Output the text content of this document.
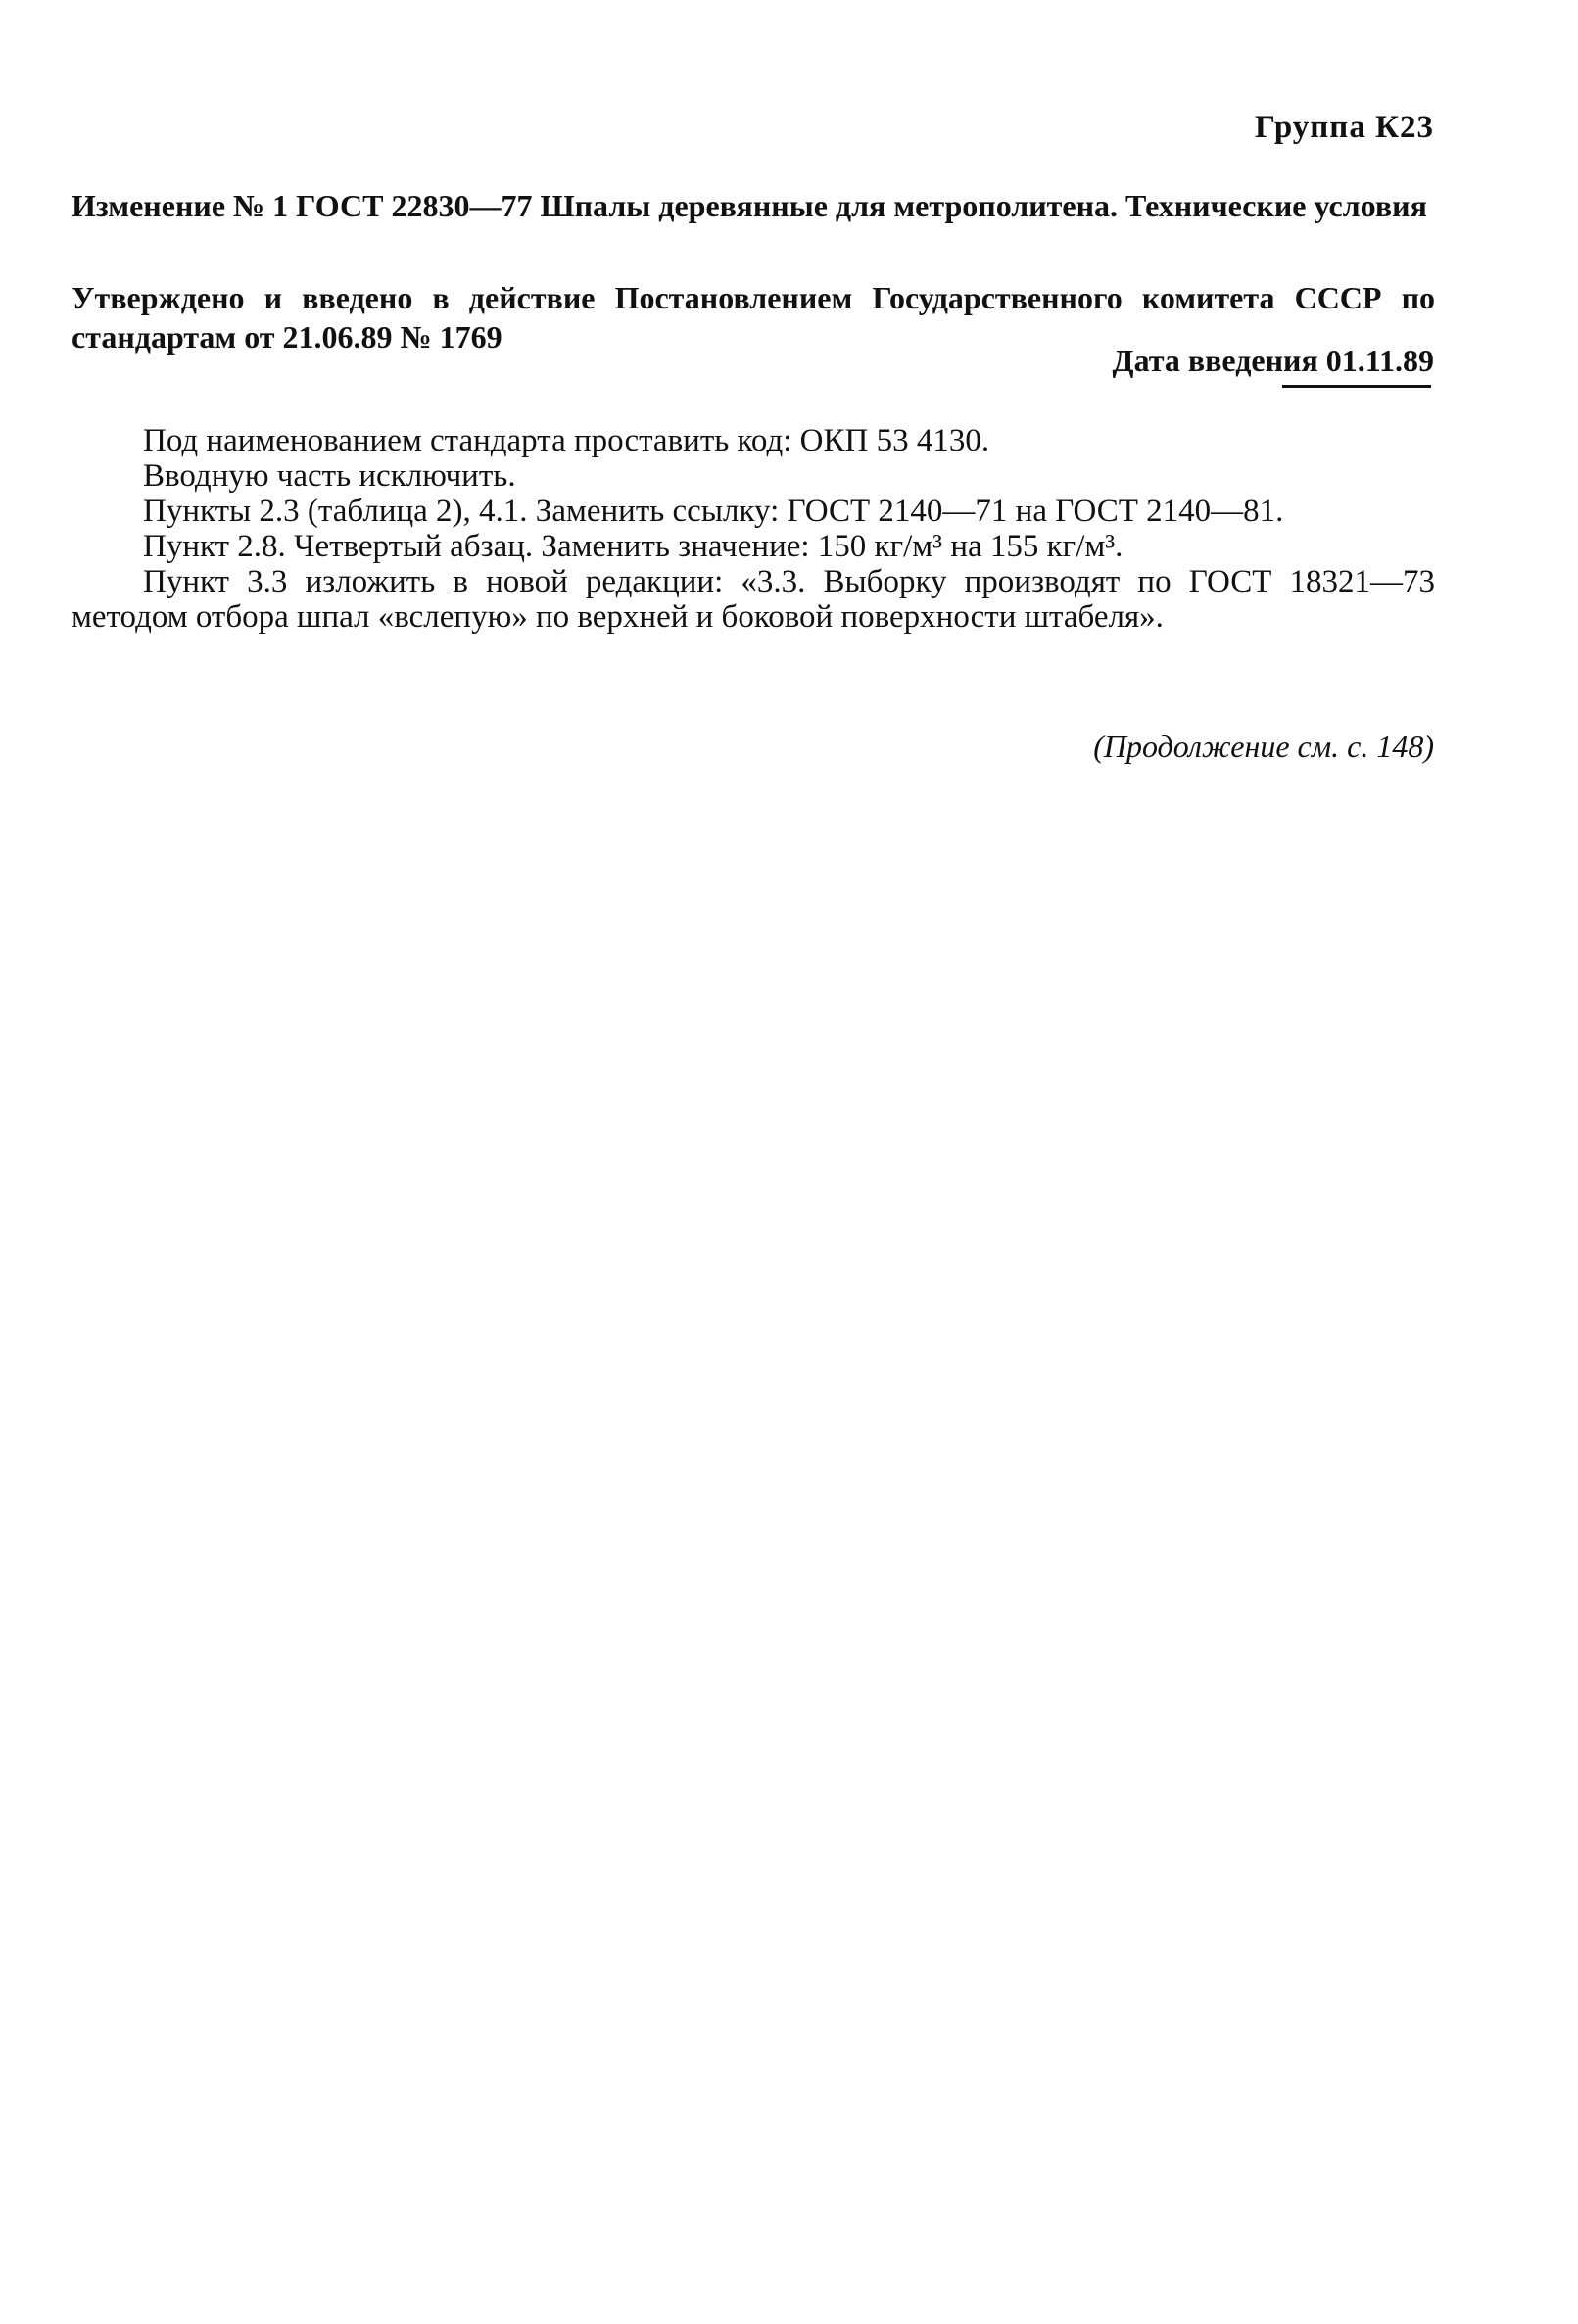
Группа К23
Изменение № 1 ГОСТ 22830—77 Шпалы деревянные для метрополитена. Технические условия
Утверждено и введено в действие Постановлением Государственного комитета СССР по стандартам от 21.06.89 № 1769
Дата введения 01.11.89

Под наименованием стандарта проставить код: ОКП 53 4130.

Вводную часть исключить.

Пункты 2.3 (таблица 2), 4.1. Заменить ссылку: ГОСТ 2140—71 на ГОСТ 2140—81.

Пункт 2.8. Четвертый абзац. Заменить значение: 150 кг/м³ на 155 кг/м³.

Пункт 3.3 изложить в новой редакции: «3.3. Выборку производят по ГОСТ 18321—73 методом отбора шпал «вслепую» по верхней и боковой поверхности штабеля».

(Продолжение см. с. 148)
